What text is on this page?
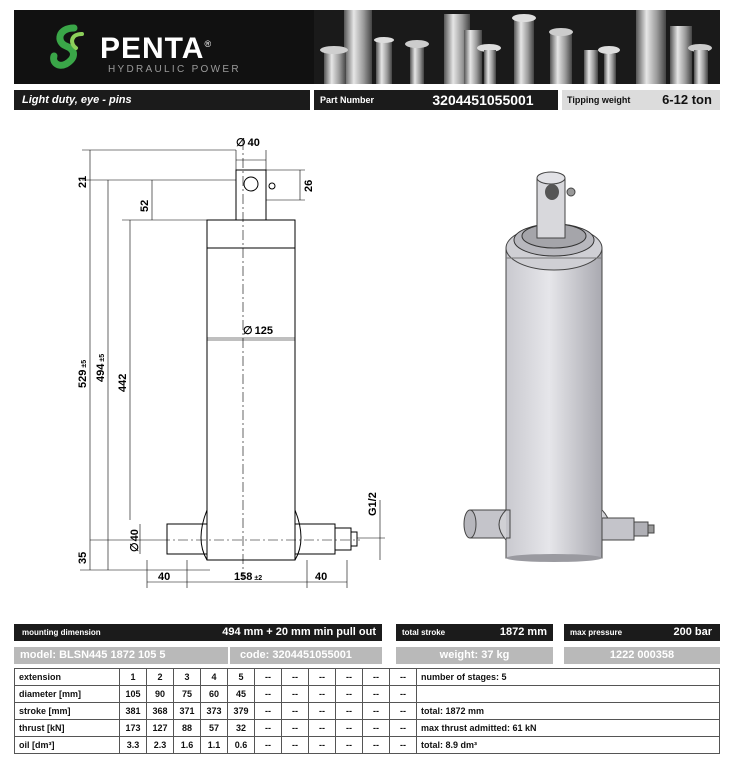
PENTA®
HYDRAULIC POWER
Light duty, eye - pins	Part Number	3204451055001	Tipping weight	6-12 ton
∅ 40
∅ 125
21	26
52
529±5 494±5
442
35
∅40
40	158 ±2	40
G1/2
mounting dimension	494 mm + 20 mm min pull out	total stroke	1872 mm	max pressure	200 bar
model: BLSN445 1872 105 5	code: 3204451055001	weight: 37 kg	1222 000358
extension	1	2	3	4	5	--	--	--	--	--	--	number of stages: 5
diameter [mm]	105	90	75	60	45	--	--	--	--	--	--	
stroke [mm]	381	368	371	373	379	--	--	--	--	--	--	total: 1872 mm
thrust [kN]	173	127	88	57	32	--	--	--	--	--	--	max thrust admitted: 61 kN
oil [dm³]	3.3	2.3	1.6	1.1	0.6	--	--	--	--	--	--	total: 8.9 dm³
